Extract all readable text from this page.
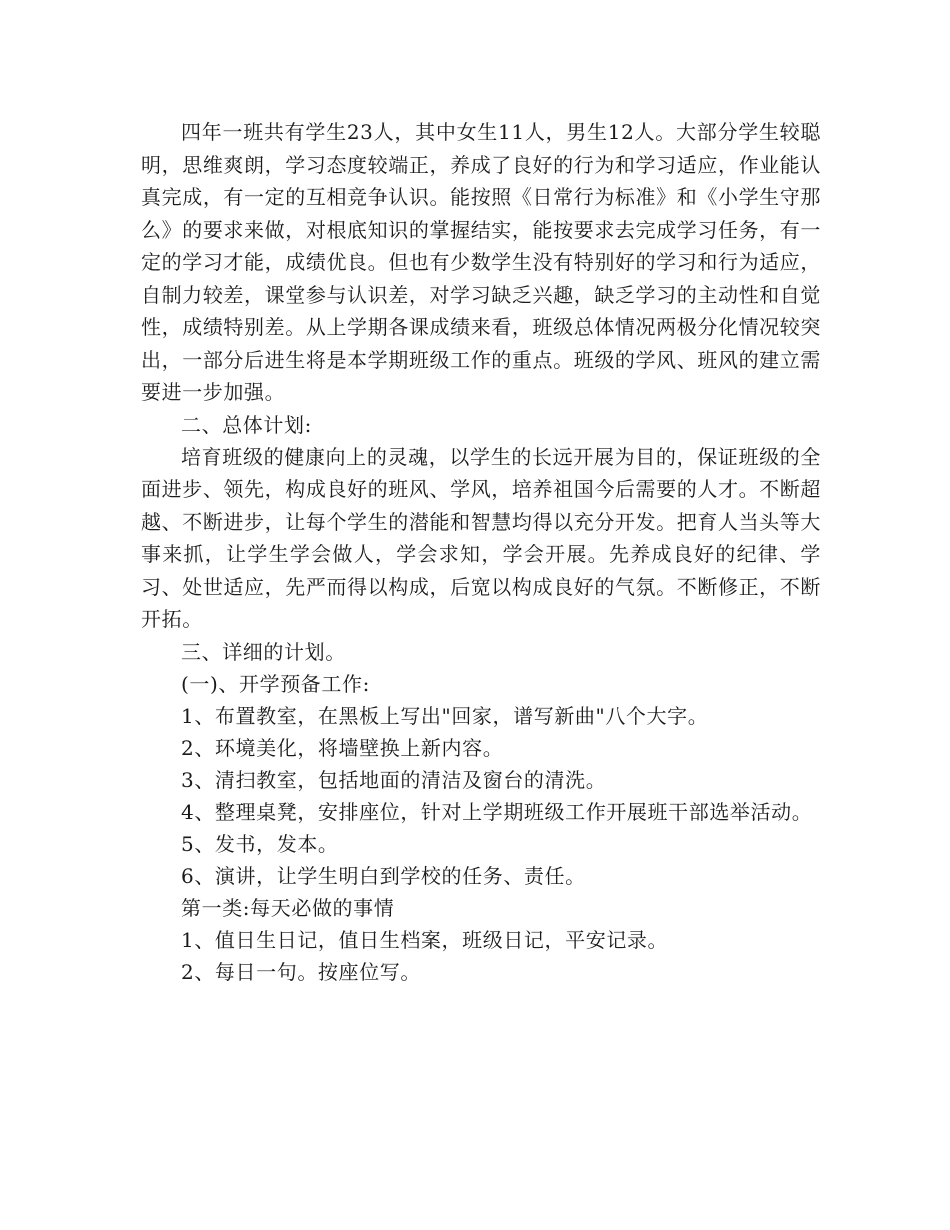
四年一班共有学生23人，其中女生11人，男生12人。大部分学生较聪明，思维爽朗，学习态度较端正，养成了良好的行为和学习适应，作业能认真完成，有一定的互相竞争认识。能按照《日常行为标准》和《小学生守那么》的要求来做，对根底知识的掌握结实，能按要求去完成学习任务，有一定的学习才能，成绩优良。但也有少数学生没有特别好的学习和行为适应，自制力较差，课堂参与认识差，对学习缺乏兴趣，缺乏学习的主动性和自觉性，成绩特别差。从上学期各课成绩来看，班级总体情况两极分化情况较突出，一部分后进生将是本学期班级工作的重点。班级的学风、班风的建立需要进一步加强。

二、总体计划:

培育班级的健康向上的灵魂，以学生的长远开展为目的，保证班级的全面进步、领先，构成良好的班风、学风，培养祖国今后需要的人才。不断超越、不断进步，让每个学生的潜能和智慧均得以充分开发。把育人当头等大事来抓，让学生学会做人，学会求知，学会开展。先养成良好的纪律、学习、处世适应，先严而得以构成，后宽以构成良好的气氛。不断修正，不断开拓。

三、详细的计划。

(一)、开学预备工作:

1、布置教室，在黑板上写出"回家，谱写新曲"八个大字。

2、环境美化，将墙壁换上新内容。

3、清扫教室，包括地面的清洁及窗台的清洗。

4、整理桌凳，安排座位，针对上学期班级工作开展班干部选举活动。

5、发书，发本。

6、演讲，让学生明白到学校的任务、责任。

第一类:每天必做的事情

1、值日生日记，值日生档案，班级日记，平安记录。

2、每日一句。按座位写。
